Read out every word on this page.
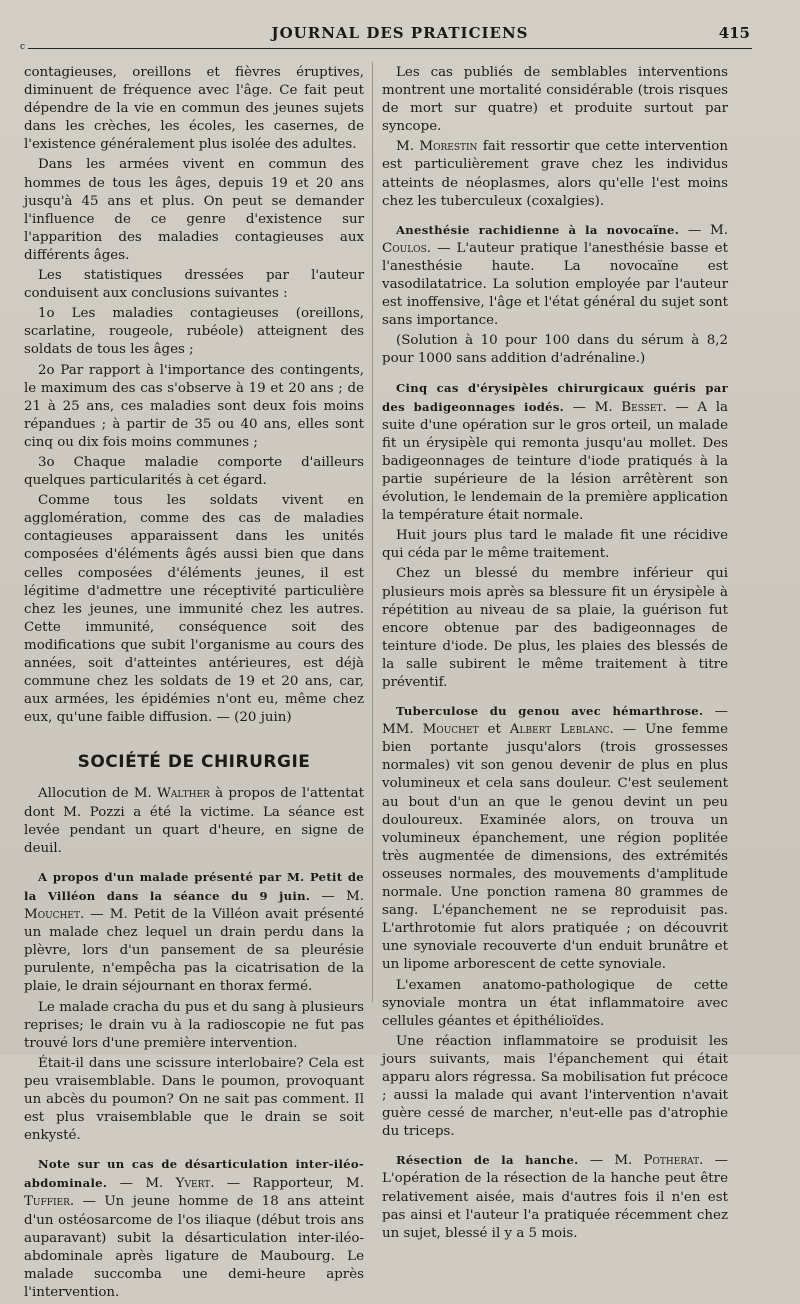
c
JOURNAL DES PRATICIENS	415

contagieuses, oreillons et fièvres éruptives, diminuent de fréquence avec l'âge. Ce fait peut dépendre de la vie en commun des jeunes sujets dans les crèches, les écoles, les casernes, de l'existence généralement plus isolée des adultes.

Dans les armées vivent en commun des hommes de tous les âges, depuis 19 et 20 ans jusqu'à 45 ans et plus. On peut se demander l'influence de ce genre d'existence sur l'apparition des maladies contagieuses aux différents âges.

Les statistiques dressées par l'auteur conduisent aux conclusions suivantes :

1o Les maladies contagieuses (oreillons, scarlatine, rougeole, rubéole) atteignent des soldats de tous les âges ;

2o Par rapport à l'importance des contingents, le maximum des cas s'observe à 19 et 20 ans ; de 21 à 25 ans, ces maladies sont deux fois moins répandues ; à partir de 35 ou 40 ans, elles sont cinq ou dix fois moins communes ;

3o Chaque maladie comporte d'ailleurs quelques particularités à cet égard.

Comme tous les soldats vivent en agglomération, comme des cas de maladies contagieuses apparaissent dans les unités composées d'éléments âgés aussi bien que dans celles composées d'éléments jeunes, il est légitime d'admettre une réceptivité particulière chez les jeunes, une immunité chez les autres. Cette immunité, conséquence soit des modifications que subit l'organisme au cours des années, soit d'atteintes antérieures, est déjà commune chez les soldats de 19 et 20 ans, car, aux armées, les épidémies n'ont eu, même chez eux, qu'une faible diffusion. — (20 juin)

SOCIÉTÉ DE CHIRURGIE

Allocution de M. Walther à propos de l'attentat dont M. Pozzi a été la victime. La séance est levée pendant un quart d'heure, en signe de deuil.

A propos d'un malade présenté par M. Petit de la Villéon dans la séance du 9 juin. — M. Mouchet. — M. Petit de la Villéon avait présenté un malade chez lequel un drain perdu dans la plèvre, lors d'un pansement de sa pleurésie purulente, n'empêcha pas la cicatrisation de la plaie, le drain séjournant en thorax fermé.

Le malade cracha du pus et du sang à plusieurs reprises; le drain vu à la radioscopie ne fut pas trouvé lors d'une première intervention.

Était-il dans une scissure interlobaire? Cela est peu vraisemblable. Dans le poumon, provoquant un abcès du poumon? On ne sait pas comment. Il est plus vraisemblable que le drain se soit enkysté.

Note sur un cas de désarticulation inter-iléo-abdominale. — M. Yvert. — Rapporteur, M. Tuffier. — Un jeune homme de 18 ans atteint d'un ostéosarcome de l'os iliaque (début trois ans auparavant) subit la désarticulation inter-iléo-abdominale après ligature de Maubourg. Le malade succomba une demi-heure après l'intervention.

Les cas publiés de semblables interventions montrent une mortalité considérable (trois risques de mort sur quatre) et produite surtout par syncope.

M. Morestin fait ressortir que cette intervention est particulièrement grave chez les individus atteints de néoplasmes, alors qu'elle l'est moins chez les tuberculeux (coxalgies).

Anesthésie rachidienne à la novocaïne. — M. Coulos. — L'auteur pratique l'anesthésie basse et l'anesthésie haute. La novocaïne est vasodilatatrice. La solution employée par l'auteur est inoffensive, l'âge et l'état général du sujet sont sans importance.

(Solution à 10 pour 100 dans du sérum à 8,2 pour 1000 sans addition d'adrénaline.)

Cinq cas d'érysipèles chirurgicaux guéris par des badigeonnages iodés. — M. Besset. — A la suite d'une opération sur le gros orteil, un malade fit un érysipèle qui remonta jusqu'au mollet. Des badigeonnages de teinture d'iode pratiqués à la partie supérieure de la lésion arrêtèrent son évolution, le lendemain de la première application la température était normale.

Huit jours plus tard le malade fit une récidive qui céda par le même traitement.

Chez un blessé du membre inférieur qui plusieurs mois après sa blessure fit un érysipèle à répétition au niveau de sa plaie, la guérison fut encore obtenue par des badigeonnages de teinture d'iode. De plus, les plaies des blessés de la salle subirent le même traitement à titre préventif.

Tuberculose du genou avec hémarthrose. — MM. Mouchet et Albert Leblanc. — Une femme bien portante jusqu'alors (trois grossesses normales) vit son genou devenir de plus en plus volumineux et cela sans douleur. C'est seulement au bout d'un an que le genou devint un peu douloureux. Examinée alors, on trouva un volumineux épanchement, une région poplitée très augmentée de dimensions, des extrémités osseuses normales, des mouvements d'amplitude normale. Une ponction ramena 80 grammes de sang. L'épanchement ne se reproduisit pas. L'arthrotomie fut alors pratiquée ; on découvrit une synoviale recouverte d'un enduit brunâtre et un lipome arborescent de cette synoviale.

L'examen anatomo-pathologique de cette synoviale montra un état inflammatoire avec cellules géantes et épithélioïdes.

Une réaction inflammatoire se produisit les jours suivants, mais l'épanchement qui était apparu alors régressa. Sa mobilisation fut précoce ; aussi la malade qui avant l'intervention n'avait guère cessé de marcher, n'eut-elle pas d'atrophie du triceps.

Résection de la hanche. — M. Potherat. — L'opération de la résection de la hanche peut être relativement aisée, mais d'autres fois il n'en est pas ainsi et l'auteur l'a pratiquée récemment chez un sujet, blessé il y a 5 mois.
